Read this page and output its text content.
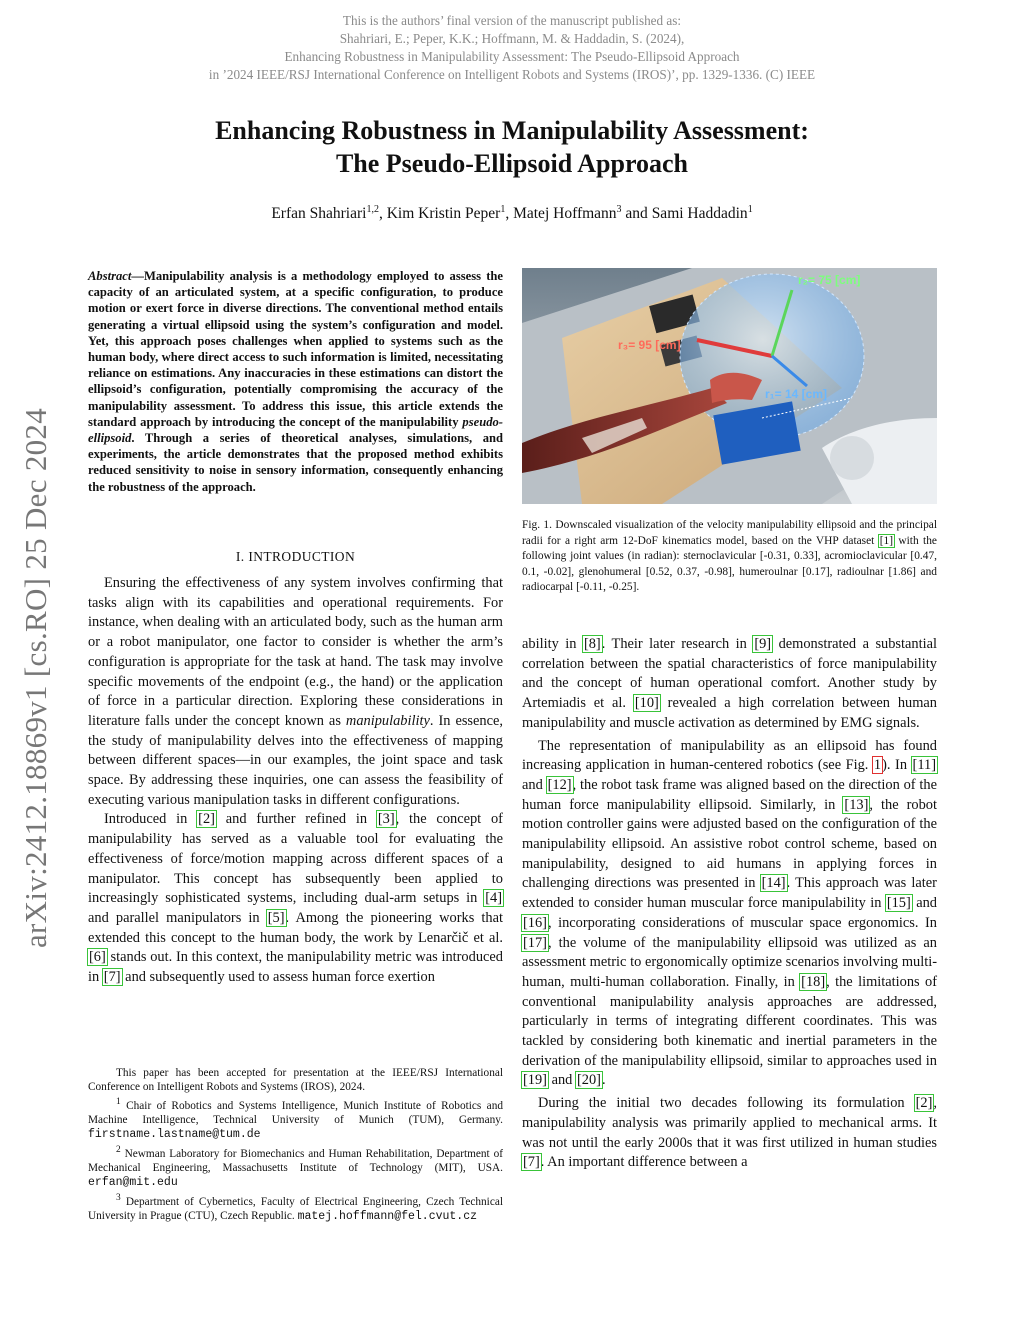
This is the authors’ final version of the manuscript published as:
Shahriari, E.; Peper, K.K.; Hoffmann, M. & Haddadin, S. (2024),
Enhancing Robustness in Manipulability Assessment: The Pseudo-Ellipsoid Approach
in ’2024 IEEE/RSJ International Conference on Intelligent Robots and Systems (IROS)’, pp. 1329-1336. (C) IEEE
Enhancing Robustness in Manipulability Assessment:
The Pseudo-Ellipsoid Approach
Erfan Shahriari$^{1,2}$, Kim Kristin Peper$^1$, Matej Hoffmann$^3$ and Sami Haddadin$^1$
arXiv:2412.18869v1 [cs.RO] 25 Dec 2024
Abstract—Manipulability analysis is a methodology employed to assess the capacity of an articulated system, at a specific configuration, to produce motion or exert force in diverse directions. The conventional method entails generating a virtual ellipsoid using the system’s configuration and model. Yet, this approach poses challenges when applied to systems such as the human body, where direct access to such information is limited, necessitating reliance on estimations. Any inaccuracies in these estimations can distort the ellipsoid’s configuration, potentially compromising the accuracy of the manipulability assessment. To address this issue, this article extends the standard approach by introducing the concept of the manipulability pseudo-ellipsoid. Through a series of theoretical analyses, simulations, and experiments, the article demonstrates that the proposed method exhibits reduced sensitivity to noise in sensory information, consequently enhancing the robustness of the approach.
I. INTRODUCTION

Ensuring the effectiveness of any system involves confirming that tasks align with its capabilities and operational requirements. For instance, when dealing with an articulated body, such as the human arm or a robot manipulator, one factor to consider is whether the arm’s configuration is appropriate for the task at hand. The task may involve specific movements of the endpoint (e.g., the hand) or the application of force in a particular direction. Exploring these considerations in literature falls under the concept known as manipulability. In essence, the study of manipulability delves into the effectiveness of mapping between different spaces—in our examples, the joint space and task space. By addressing these inquiries, one can assess the feasibility of executing various manipulation tasks in different configurations.

Introduced in [2] and further refined in [3], the concept of manipulability has served as a valuable tool for evaluating the effectiveness of force/motion mapping across different spaces of a manipulator. This concept has subsequently been applied to increasingly sophisticated systems, including dual-arm setups in [4] and parallel manipulators in [5]. Among the pioneering works that extended this concept to the human body, the work by Lenarčič et al. [6] stands out. In this context, the manipulability metric was introduced in [7] and subsequently used to assess human force exertion

This paper has been accepted for presentation at the IEEE/RSJ International Conference on Intelligent Robots and Systems (IROS), 2024.

$^1$ Chair of Robotics and Systems Intelligence, Munich Institute of Robotics and Machine Intelligence, Technical University of Munich (TUM), Germany. firstname.lastname@tum.de

$^2$ Newman Laboratory for Biomechanics and Human Rehabilitation, Department of Mechanical Engineering, Massachusetts Institute of Technology (MIT), USA. erfan@mit.edu

$^3$ Department of Cybernetics, Faculty of Electrical Engineering, Czech Technical University in Prague (CTU), Czech Republic. matej.hoffmann@fel.cvut.cz

r₂= 75 [cm]
r₃= 95 [cm]
r₁= 14 [cm]
Fig. 1. Downscaled visualization of the velocity manipulability ellipsoid and the principal radii for a right arm 12-DoF kinematics model, based on the VHP dataset [1] with the following joint values (in radian): sternoclavicular [-0.31, 0.33], acromioclavicular [0.47, 0.1, -0.02], glenohumeral [0.52, 0.37, -0.98], humeroulnar [0.17], radioulnar [1.86] and radiocarpal [-0.11, -0.25].

ability in [8]. Their later research in [9] demonstrated a substantial correlation between the spatial characteristics of force manipulability and the concept of human operational comfort. Another study by Artemiadis et al. [10] revealed a high correlation between human manipulability and muscle activation as determined by EMG signals.

The representation of manipulability as an ellipsoid has found increasing application in human-centered robotics (see Fig. 1). In [11] and [12], the robot task frame was aligned based on the direction of the human force manipulability ellipsoid. Similarly, in [13], the robot motion controller gains were adjusted based on the configuration of the manipulability ellipsoid. An assistive robot control scheme, based on manipulability, designed to aid humans in applying forces in challenging directions was presented in [14]. This approach was later extended to consider human muscular force manipulability in [15] and [16], incorporating considerations of muscular space ergonomics. In [17], the volume of the manipulability ellipsoid was utilized as an assessment metric to ergonomically optimize scenarios involving multi-human, multi-human collaboration. Finally, in [18], the limitations of conventional manipulability analysis approaches are addressed, particularly in terms of integrating different coordinates. This was tackled by considering both kinematic and inertial parameters in the derivation of the manipulability ellipsoid, similar to approaches used in [19] and [20].

During the initial two decades following its formulation [2], manipulability analysis was primarily applied to mechanical arms. It was not until the early 2000s that it was first utilized in human studies [7]. An important difference between a
